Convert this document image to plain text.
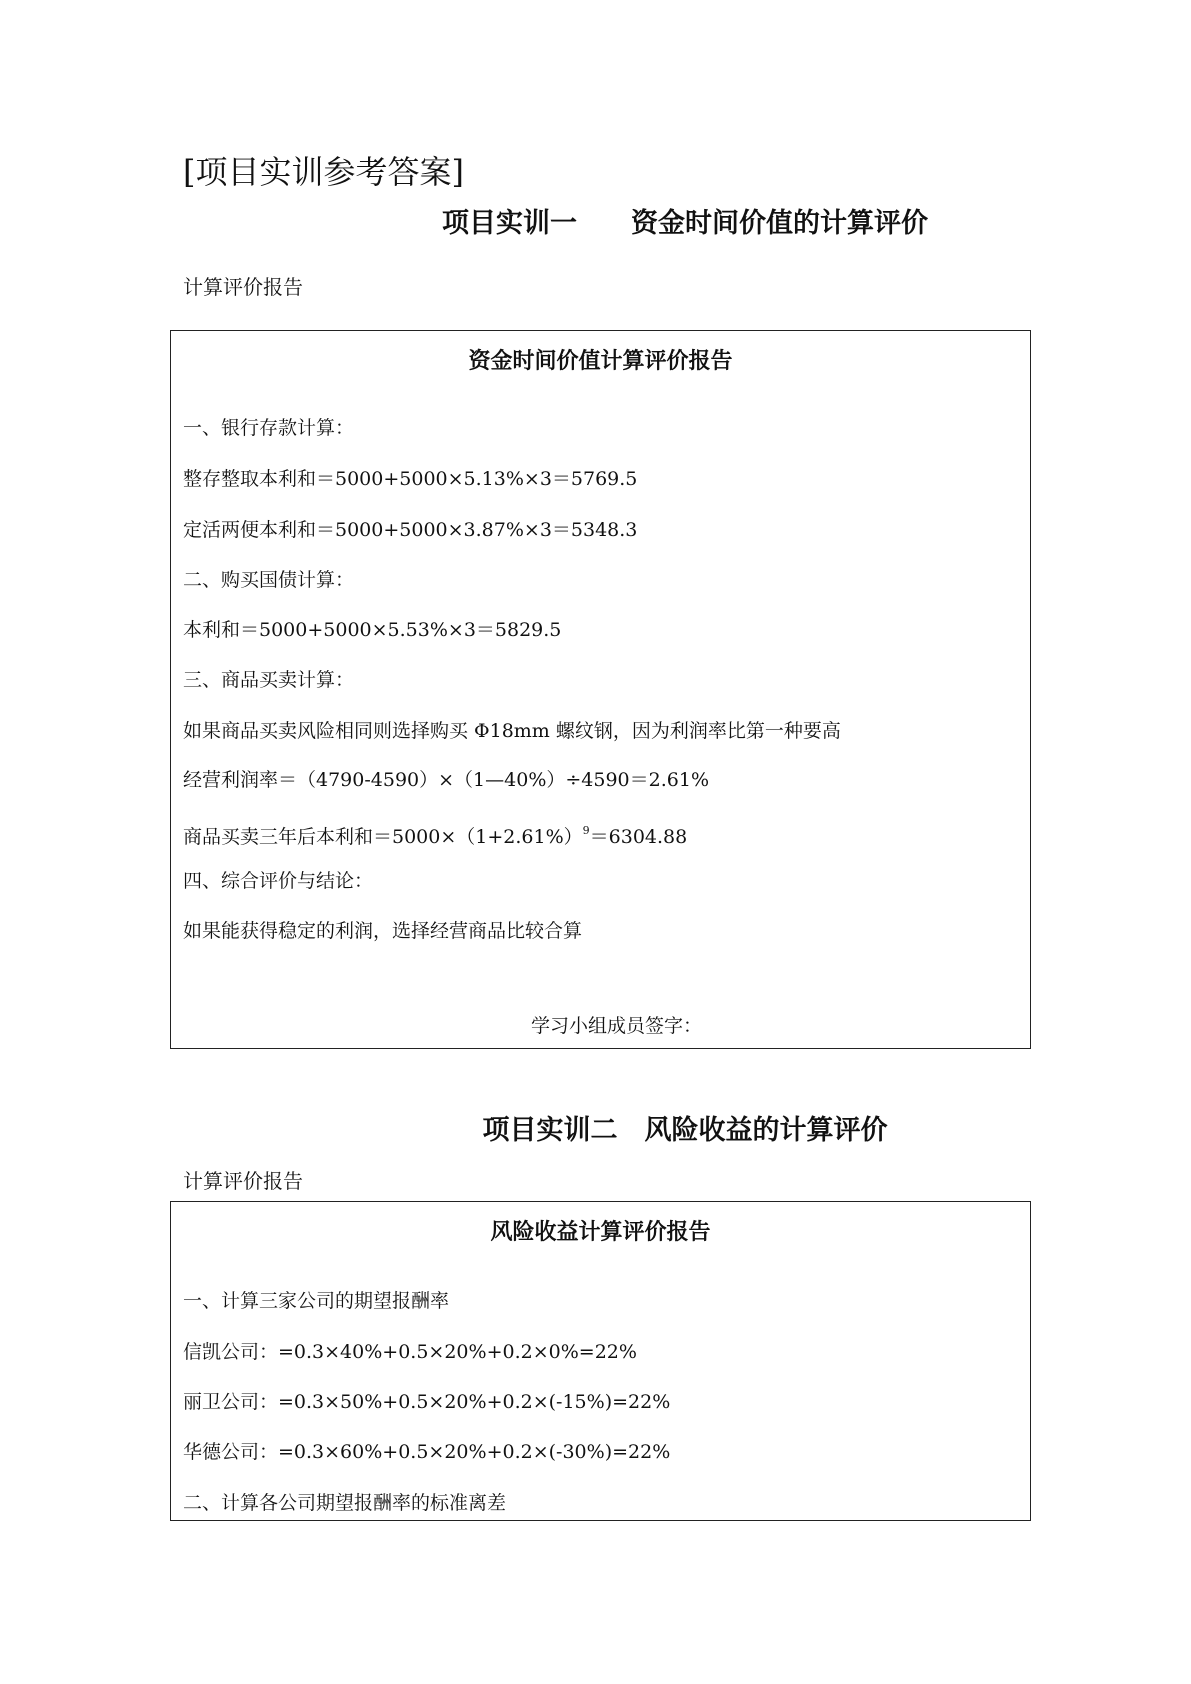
[项目实训参考答案]
项目实训一　　资金时间价值的计算评价
计算评价报告
资金时间价值计算评价报告
一、银行存款计算：
整存整取本利和＝5000+5000×5.13%×3＝5769.5
定活两便本利和＝5000+5000×3.87%×3＝5348.3
二、购买国债计算：
本利和＝5000+5000×5.53%×3＝5829.5
三、商品买卖计算：
如果商品买卖风险相同则选择购买 Φ18mm 螺纹钢，因为利润率比第一种要高
经营利润率＝（4790-4590）×（1—40%）÷4590＝2.61%
商品买卖三年后本利和$=5000\times(1+2.61\%)^9=6304.88$
四、综合评价与结论：
如果能获得稳定的利润，选择经营商品比较合算
学习小组成员签字：
项目实训二　风险收益的计算评价
计算评价报告
风险收益计算评价报告
一、计算三家公司的期望报酬率
信凯公司：=0.3×40%+0.5×20%+0.2×0%=22%
丽卫公司：=0.3×50%+0.5×20%+0.2×(-15%)=22%
华德公司：=0.3×60%+0.5×20%+0.2×(-30%)=22%
二、计算各公司期望报酬率的标准离差
